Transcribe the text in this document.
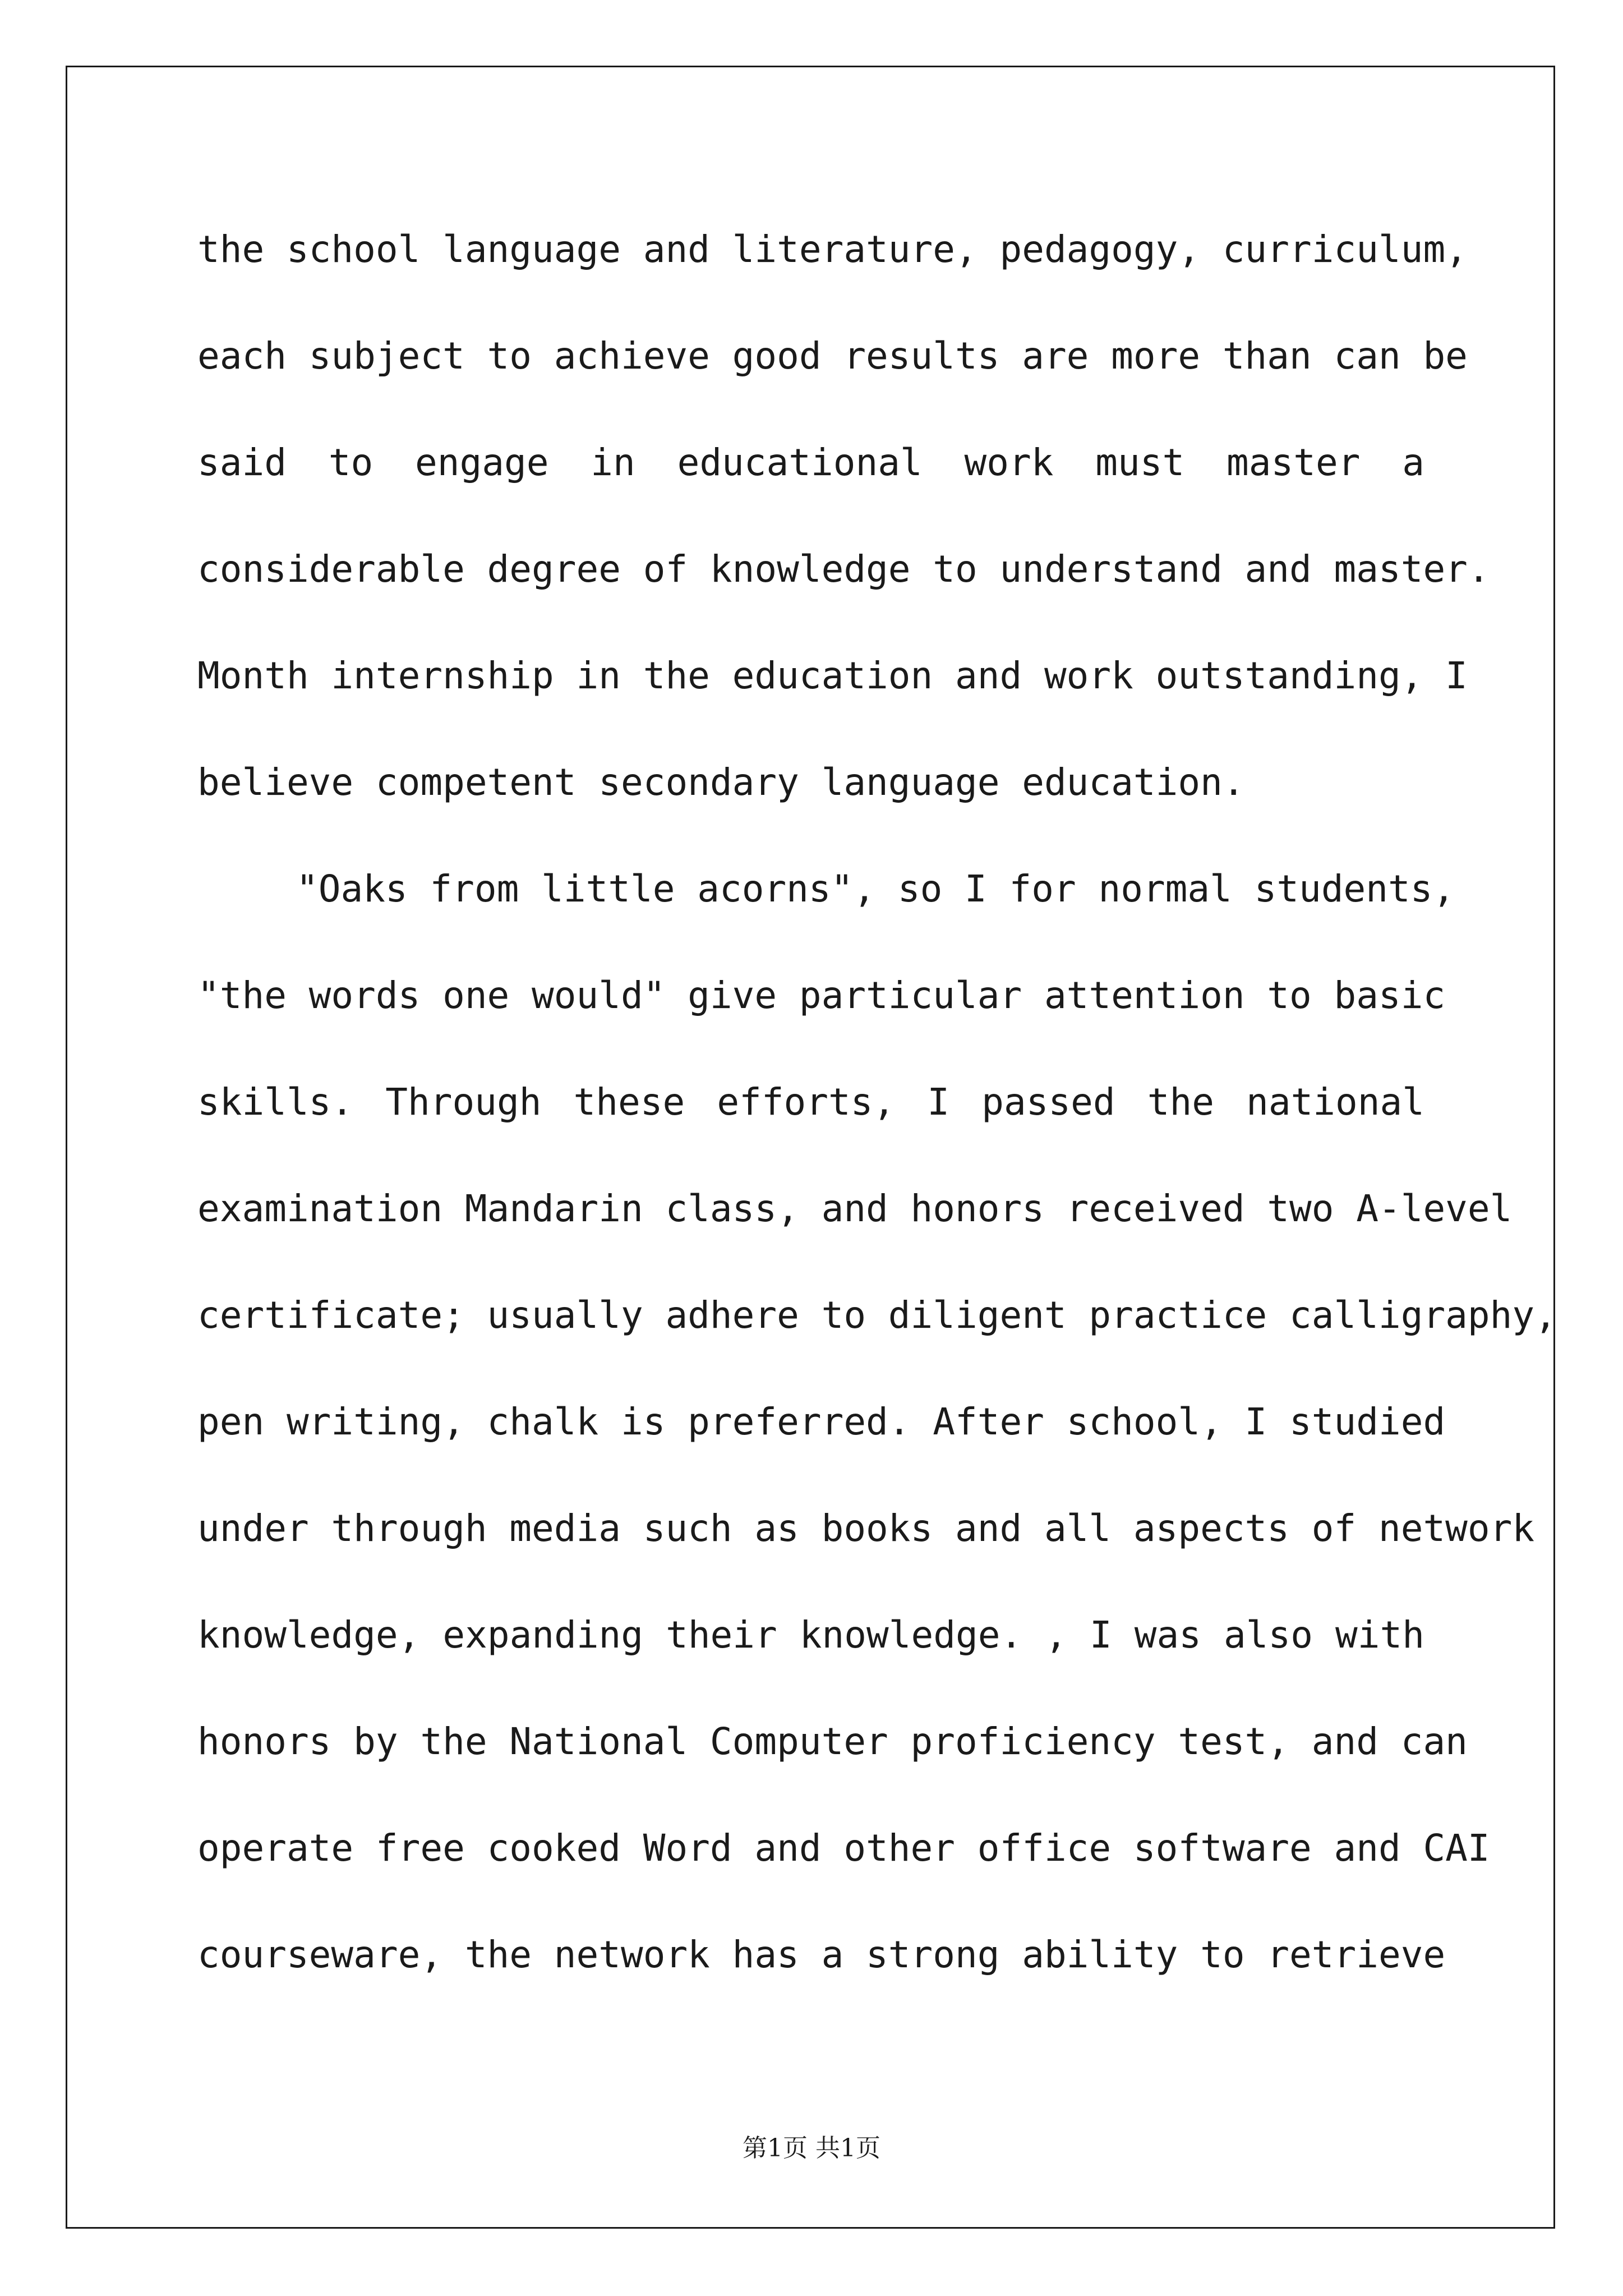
the school language and literature, pedagogy, curriculum,
each subject to achieve good results are more than can be
said to engage in educational work must master a
considerable degree of knowledge to understand and master.
Month internship in the education and work outstanding, I
believe competent secondary language education.
"Oaks from little acorns", so I for normal students,
"the words one would" give particular attention to basic
skills. Through these efforts, I passed the national
examination Mandarin class, and honors received two A-level
certificate; usually adhere to diligent practice calligraphy,
pen writing, chalk is preferred. After school, I studied
under through media such as books and all aspects of network
knowledge, expanding their knowledge. , I was also with
honors by the National Computer proficiency test, and can
operate free cooked Word and other office software and CAI
courseware, the network has a strong ability to retrieve
第1页 共1页
